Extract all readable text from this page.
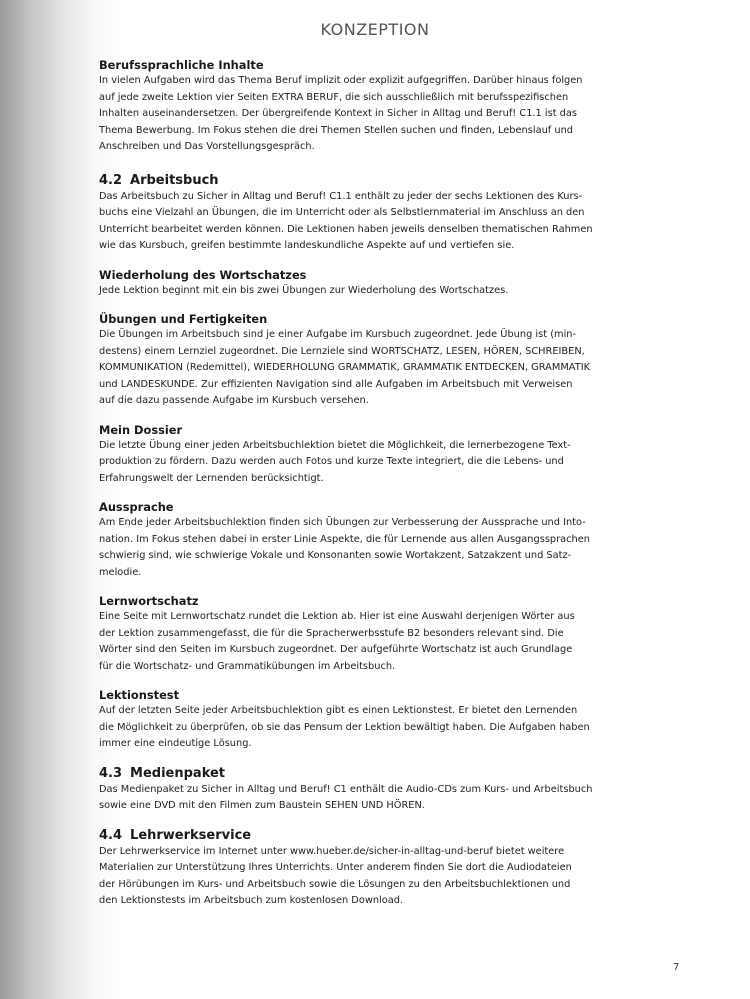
KONZEPTION
Berufssprachliche Inhalte

In vielen Aufgaben wird das Thema Beruf implizit oder explizit aufgegriffen. Darüber hinaus folgen
auf jede zweite Lektion vier Seiten EXTRA BERUF, die sich ausschließlich mit berufsspezifischen
Inhalten auseinandersetzen. Der übergreifende Kontext in Sicher in Alltag und Beruf! C1.1 ist das
Thema Bewerbung. Im Fokus stehen die drei Themen Stellen suchen und finden, Lebenslauf und
Anschreiben und Das Vorstellungsgespräch.

4.2 Arbeitsbuch

Das Arbeitsbuch zu Sicher in Alltag und Beruf! C1.1 enthält zu jeder der sechs Lektionen des Kurs-
buchs eine Vielzahl an Übungen, die im Unterricht oder als Selbstlernmaterial im Anschluss an den
Unterricht bearbeitet werden können. Die Lektionen haben jeweils denselben thematischen Rahmen
wie das Kursbuch, greifen bestimmte landeskundliche Aspekte auf und vertiefen sie.

Wiederholung des Wortschatzes

Jede Lektion beginnt mit ein bis zwei Übungen zur Wiederholung des Wortschatzes.

Übungen und Fertigkeiten

Die Übungen im Arbeitsbuch sind je einer Aufgabe im Kursbuch zugeordnet. Jede Übung ist (min-
destens) einem Lernziel zugeordnet. Die Lernziele sind WORTSCHATZ, LESEN, HÖREN, SCHREIBEN,
KOMMUNIKATION (Redemittel), WIEDERHOLUNG GRAMMATIK, GRAMMATIK ENTDECKEN, GRAMMATIK
und LANDESKUNDE. Zur effizienten Navigation sind alle Aufgaben im Arbeitsbuch mit Verweisen
auf die dazu passende Aufgabe im Kursbuch versehen.

Mein Dossier

Die letzte Übung einer jeden Arbeitsbuchlektion bietet die Möglichkeit, die lernerbezogene Text-
produktion zu fördern. Dazu werden auch Fotos und kurze Texte integriert, die die Lebens- und
Erfahrungswelt der Lernenden berücksichtigt.

Aussprache

Am Ende jeder Arbeitsbuchlektion finden sich Übungen zur Verbesserung der Aussprache und Into-
nation. Im Fokus stehen dabei in erster Linie Aspekte, die für Lernende aus allen Ausgangssprachen
schwierig sind, wie schwierige Vokale und Konsonanten sowie Wortakzent, Satzakzent und Satz-
melodie.

Lernwortschatz

Eine Seite mit Lernwortschatz rundet die Lektion ab. Hier ist eine Auswahl derjenigen Wörter aus
der Lektion zusammengefasst, die für die Spracherwerbsstufe B2 besonders relevant sind. Die
Wörter sind den Seiten im Kursbuch zugeordnet. Der aufgeführte Wortschatz ist auch Grundlage
für die Wortschatz- und Grammatikübungen im Arbeitsbuch.

Lektionstest

Auf der letzten Seite jeder Arbeitsbuchlektion gibt es einen Lektionstest. Er bietet den Lernenden
die Möglichkeit zu überprüfen, ob sie das Pensum der Lektion bewältigt haben. Die Aufgaben haben
immer eine eindeutige Lösung.

4.3 Medienpaket

Das Medienpaket zu Sicher in Alltag und Beruf! C1 enthält die Audio-CDs zum Kurs- und Arbeitsbuch
sowie eine DVD mit den Filmen zum Baustein SEHEN UND HÖREN.

4.4 Lehrwerkservice

Der Lehrwerkservice im Internet unter www.hueber.de/sicher-in-alltag-und-beruf bietet weitere
Materialien zur Unterstützung Ihres Unterrichts. Unter anderem finden Sie dort die Audiodateien
der Hörübungen im Kurs- und Arbeitsbuch sowie die Lösungen zu den Arbeitsbuchlektionen und
den Lektionstests im Arbeitsbuch zum kostenlosen Download.

7
